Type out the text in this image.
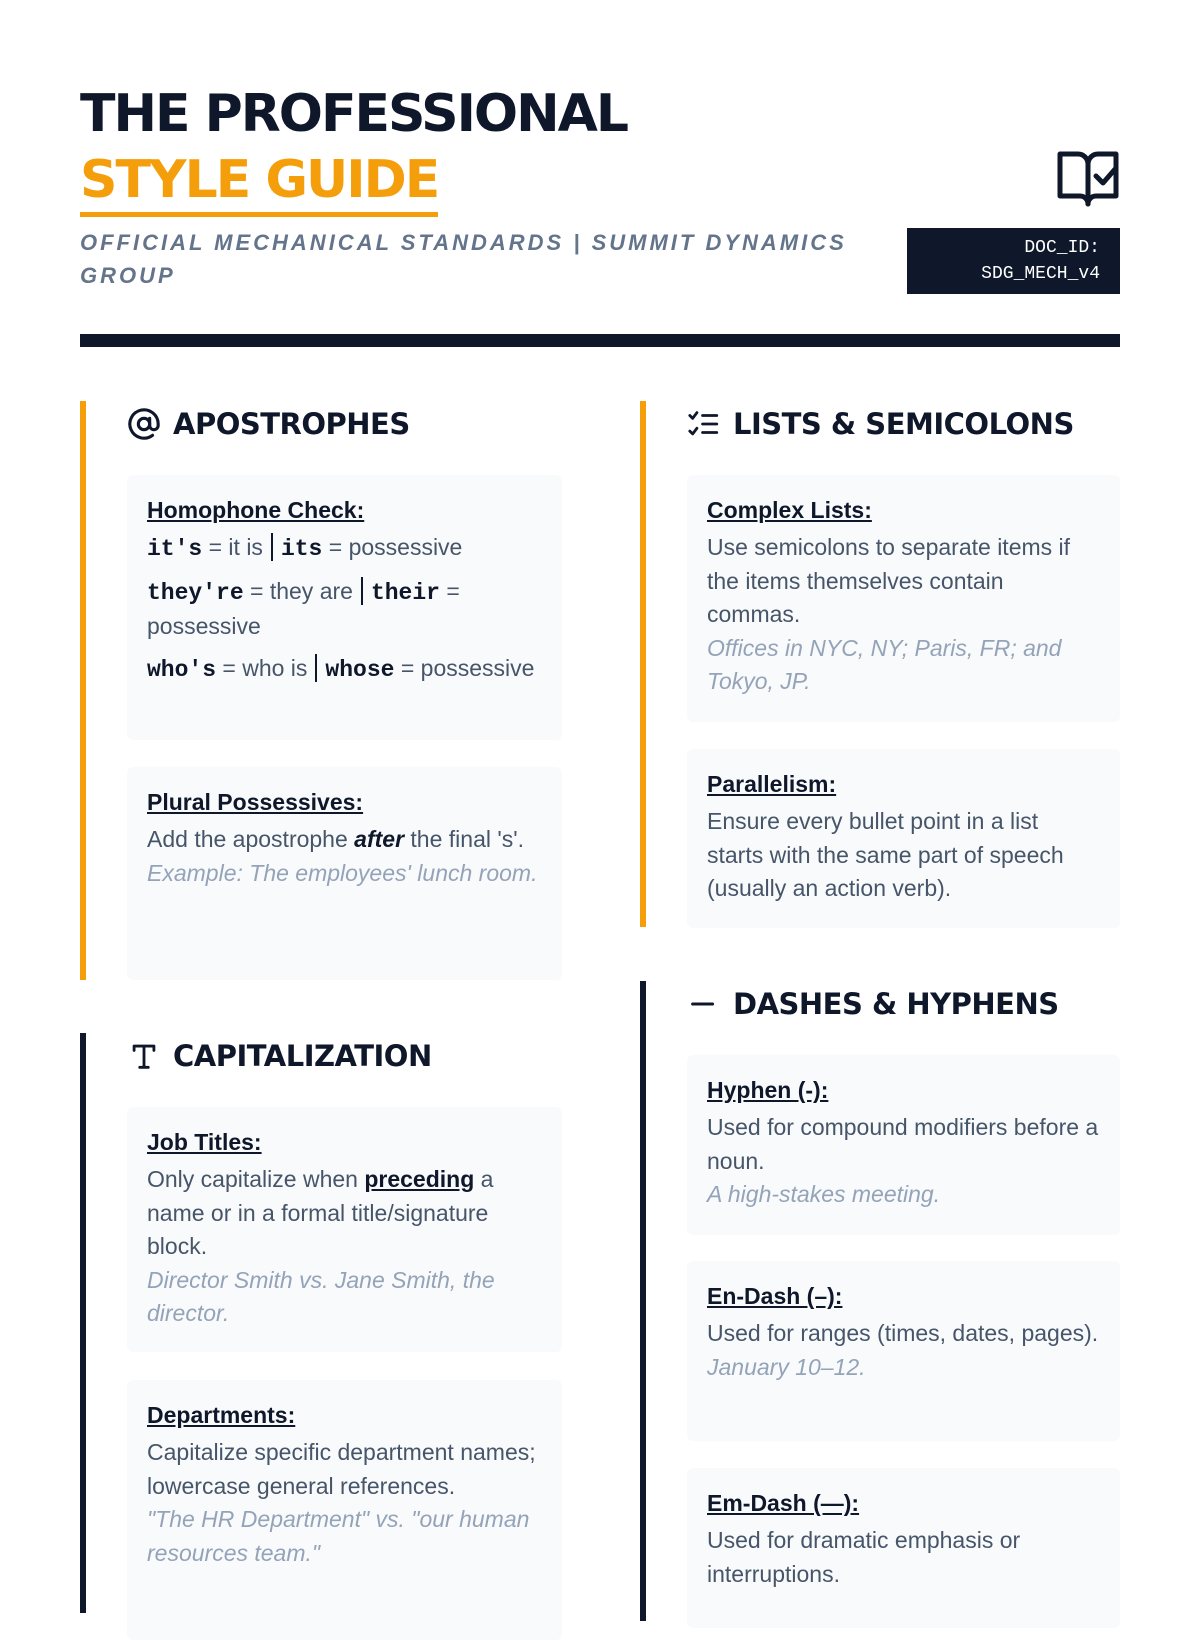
THE PROFESSIONAL
STYLE GUIDE
OFFICIAL MECHANICAL STANDARDS | SUMMIT DYNAMICS GROUP
DOC_ID:
SDG_MECH_v4
APOSTROPHES
Homophone Check:
it's = it is its = possessive
they're = they are their = possessive
who's = who is whose = possessive
Plural Possessives:
Add the apostrophe after the final 's'.
Example: The employees' lunch room.
CAPITALIZATION
Job Titles:
Only capitalize when preceding a name or in a formal title/signature block.
Director Smith vs. Jane Smith, the director.
Departments:
Capitalize specific department names; lowercase general references.
"The HR Department" vs. "our human resources team."
LISTS & SEMICOLONS
Complex Lists:
Use semicolons to separate items if the items themselves contain commas.
Offices in NYC, NY; Paris, FR; and Tokyo, JP.
Parallelism:
Ensure every bullet point in a list starts with the same part of speech (usually an action verb).
DASHES & HYPHENS
Hyphen (-):
Used for compound modifiers before a noun.
A high-stakes meeting.
En-Dash (–):
Used for ranges (times, dates, pages).
January 10–12.
Em-Dash (—):
Used for dramatic emphasis or interruptions.
